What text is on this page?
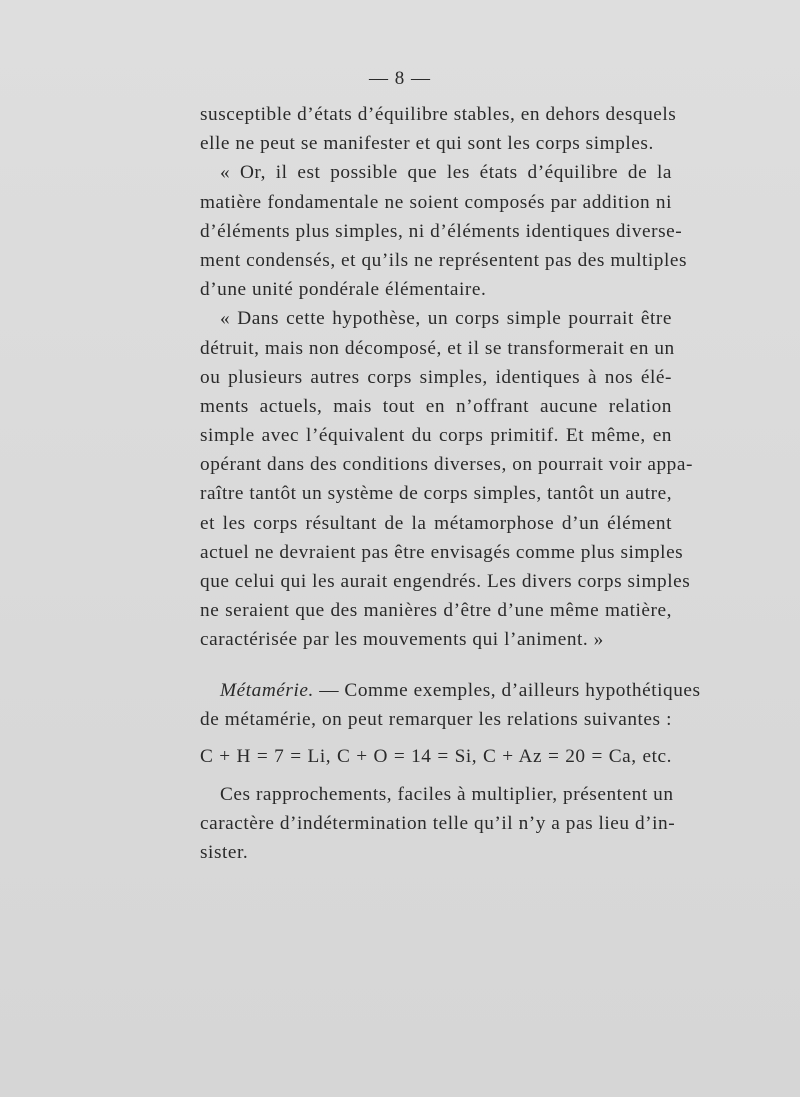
— 8 —
susceptible d’états d’équilibre stables, en dehors desquels
elle ne peut se manifester et qui sont les corps simples.
« Or, il est possible que les états d’équilibre de la
matière fondamentale ne soient composés par addition ni
d’éléments plus simples, ni d’éléments identiques diverse-
ment condensés, et qu’ils ne représentent pas des multiples
d’une unité pondérale élémentaire.
« Dans cette hypothèse, un corps simple pourrait être
détruit, mais non décomposé, et il se transformerait en un
ou plusieurs autres corps simples, identiques à nos élé-
ments actuels, mais tout en n’offrant aucune relation
simple avec l’équivalent du corps primitif. Et même, en
opérant dans des conditions diverses, on pourrait voir appa-
raître tantôt un système de corps simples, tantôt un autre,
et les corps résultant de la métamorphose d’un élément
actuel ne devraient pas être envisagés comme plus simples
que celui qui les aurait engendrés. Les divers corps simples
ne seraient que des manières d’être d’une même matière,
caractérisée par les mouvements qui l’animent. »
Métamérie. — Comme exemples, d’ailleurs hypothétiques
de métamérie, on peut remarquer les relations suivantes :
C + H = 7 = Li, C + O = 14 = Si, C + Az = 20 = Ca, etc.
Ces rapprochements, faciles à multiplier, présentent un
caractère d’indétermination telle qu’il n’y a pas lieu d’in-
sister.
